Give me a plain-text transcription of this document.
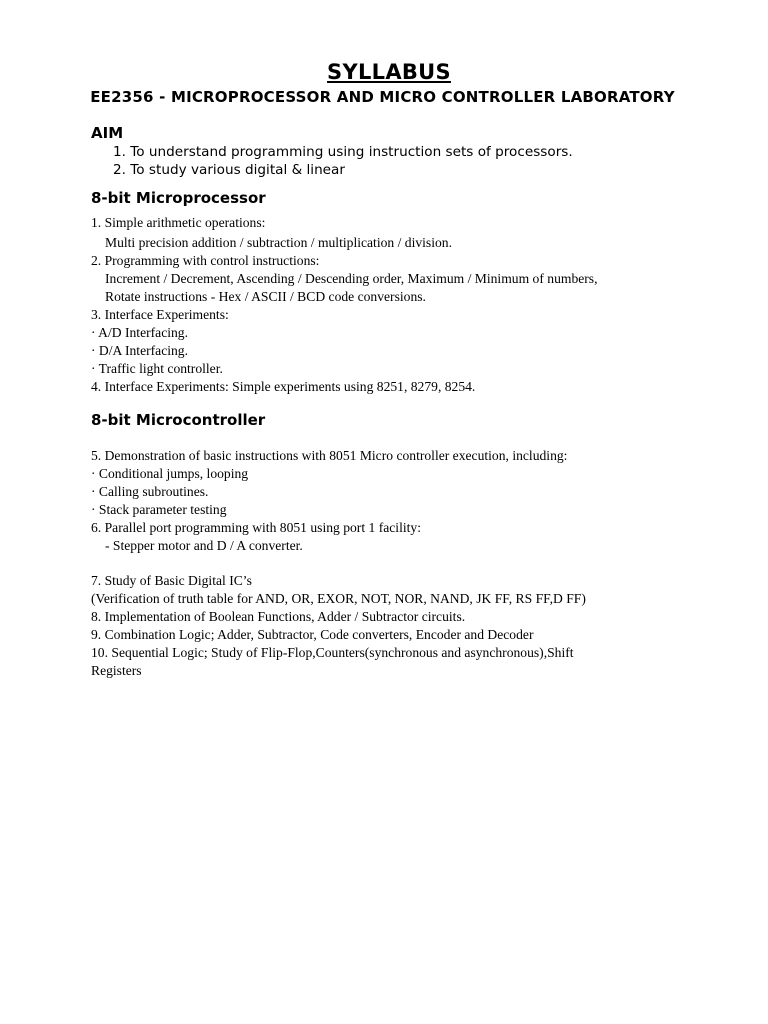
SYLLABUS
EE2356 - MICROPROCESSOR AND MICRO CONTROLLER LABORATORY
AIM
1. To understand programming using instruction sets of processors.
2. To study various digital & linear
8-bit Microprocessor
1. Simple arithmetic operations:
Multi precision addition / subtraction / multiplication / division.
2. Programming with control instructions:
Increment / Decrement, Ascending / Descending order, Maximum / Minimum of numbers,
Rotate instructions - Hex / ASCII / BCD code conversions.
3. Interface Experiments:
· A/D Interfacing.
· D/A Interfacing.
· Traffic light controller.
4. Interface Experiments: Simple experiments using 8251, 8279, 8254.
8-bit Microcontroller
5. Demonstration of basic instructions with 8051 Micro controller execution, including:
· Conditional jumps, looping
· Calling subroutines.
· Stack parameter testing
6. Parallel port programming with 8051 using port 1 facility:
- Stepper motor and D / A converter.
7. Study of Basic Digital IC’s
(Verification of truth table for AND, OR, EXOR, NOT, NOR, NAND, JK FF, RS FF,D FF)
8. Implementation of Boolean Functions, Adder / Subtractor circuits.
9. Combination Logic; Adder, Subtractor, Code converters, Encoder and Decoder
10. Sequential Logic; Study of Flip-Flop,Counters(synchronous and asynchronous),Shift
Registers
